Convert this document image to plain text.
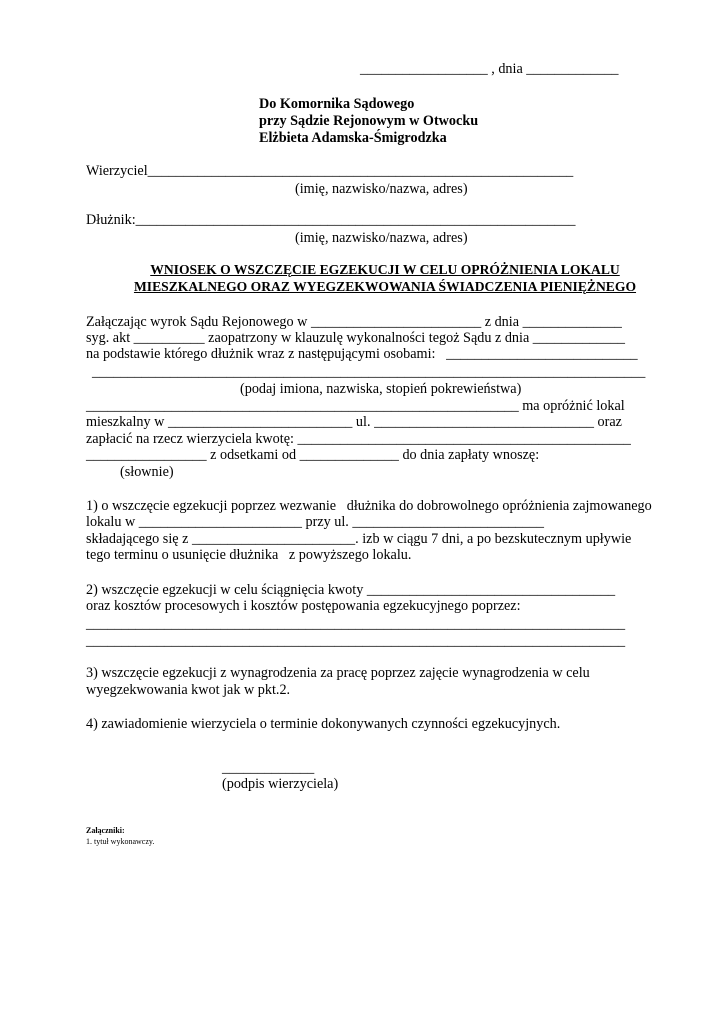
__________________ , dnia _____________
Do Komornika Sądowego
przy Sądzie Rejonowym w Otwocku
Elżbieta Adamska-Śmigrodzka
Wierzyciel____________________________________________________________
(imię, nazwisko/nazwa, adres)
Dłużnik:______________________________________________________________
(imię, nazwisko/nazwa, adres)
WNIOSEK O WSZCZĘCIE EGZEKUCJI W CELU OPRÓŻNIENIA LOKALU
MIESZKALNEGO ORAZ WYEGZEKWOWANIA ŚWIADCZENIA PIENIĘŻNEGO
Załączając wyrok Sądu Rejonowego w ________________________ z dnia ______________
syg. akt __________ zaopatrzony w klauzulę wykonalności tegoż Sądu z dnia _____________
na podstawie którego dłużnik wraz z następującymi osobami:   ___________________________
______________________________________________________________________________
(podaj imiona, nazwiska, stopień pokrewieństwa)
_____________________________________________________________ ma opróżnić lokal
mieszkalny w __________________________ ul. _______________________________ oraz
zapłacić na rzecz wierzyciela kwotę: _______________________________________________
_________________ z odsetkami od ______________ do dnia zapłaty wnoszę:
(słownie)
1) o wszczęcie egzekucji poprzez wezwanie   dłużnika do dobrowolnego opróżnienia zajmowanego
lokalu w _______________________ przy ul. ___________________________
składającego się z _______________________. izb w ciągu 7 dni, a po bezskutecznym upływie
tego terminu o usunięcie dłużnika   z powyższego lokalu.
2) wszczęcie egzekucji w celu ściągnięcia kwoty ___________________________________
oraz kosztów procesowych i kosztów postępowania egzekucyjnego poprzez:
____________________________________________________________________________
____________________________________________________________________________
3) wszczęcie egzekucji z wynagrodzenia za pracę poprzez zajęcie wynagrodzenia w celu
wyegzekwowania kwot jak w pkt.2.
4) zawiadomienie wierzyciela o terminie dokonywanych czynności egzekucyjnych.
_____________
(podpis wierzyciela)
Załączniki:
1. tytuł wykonawczy.
